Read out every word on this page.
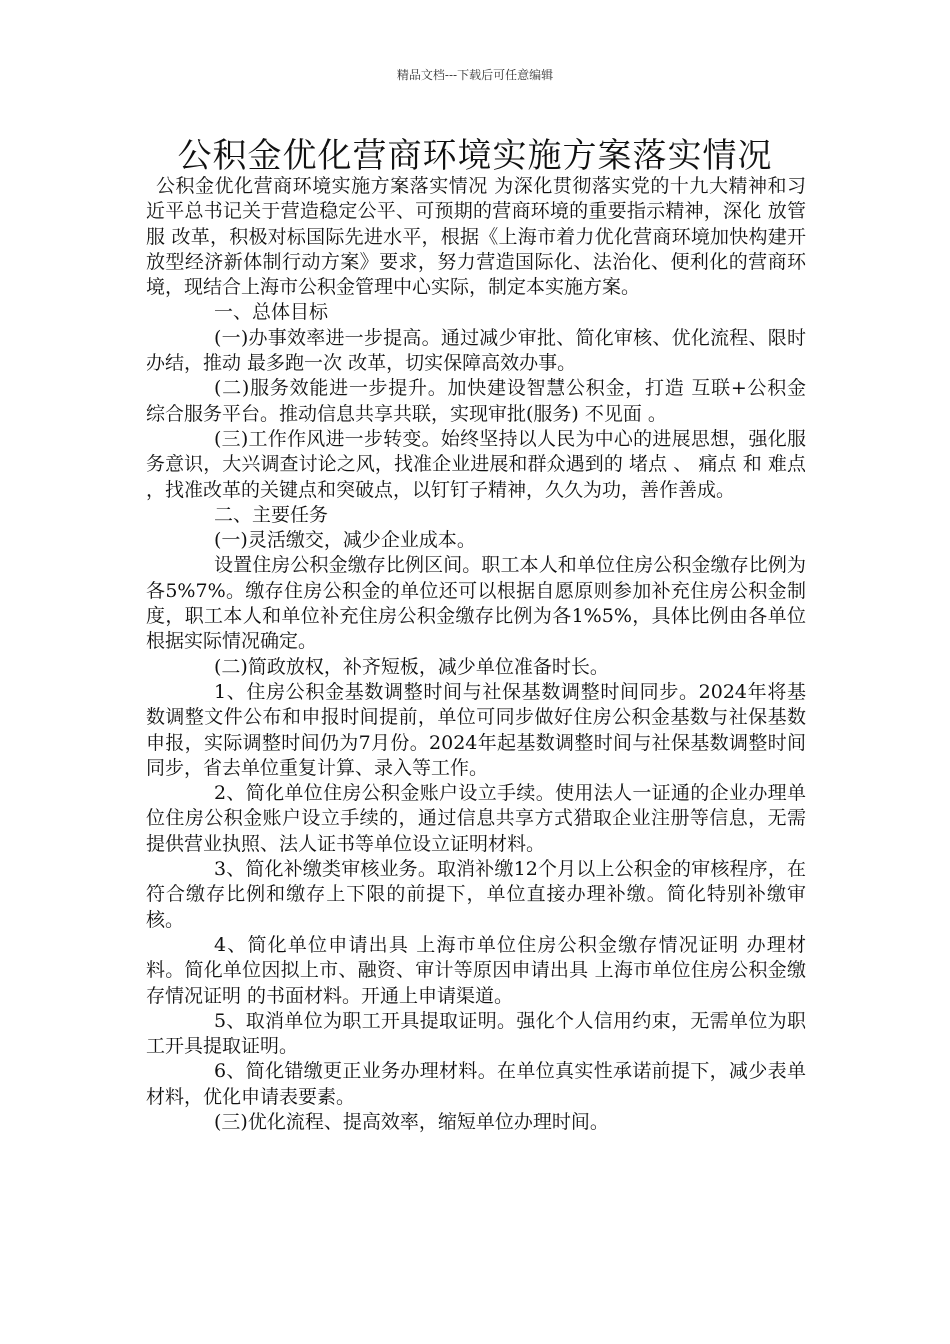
精品文档---下载后可任意编辑
公积金优化营商环境实施方案落实情况

公积金优化营商环境实施方案落实情况 为深化贯彻落实党的十九大精神和习近平总书记关于营造稳定公平、可预期的营商环境的重要指示精神，深化 放管服 改革，积极对标国际先进水平，根据《上海市着力优化营商环境加快构建开放型经济新体制行动方案》要求，努力营造国际化、法治化、便利化的营商环境，现结合上海市公积金管理中心实际，制定本实施方案。

一、总体目标

(一)办事效率进一步提高。通过减少审批、简化审核、优化流程、限时办结，推动 最多跑一次 改革，切实保障高效办事。

(二)服务效能进一步提升。加快建设智慧公积金，打造 互联+公积金 综合服务平台。推动信息共享共联，实现审批(服务) 不见面 。

(三)工作作风进一步转变。始终坚持以人民为中心的进展思想，强化服务意识，大兴调查讨论之风，找准企业进展和群众遇到的 堵点 、 痛点 和 难点 ，找准改革的关键点和突破点，以钉钉子精神，久久为功，善作善成。

二、主要任务

(一)灵活缴交，减少企业成本。

设置住房公积金缴存比例区间。职工本人和单位住房公积金缴存比例为各5%7%。缴存住房公积金的单位还可以根据自愿原则参加补充住房公积金制度，职工本人和单位补充住房公积金缴存比例为各1%5%，具体比例由各单位根据实际情况确定。

(二)简政放权，补齐短板，减少单位准备时长。

1、住房公积金基数调整时间与社保基数调整时间同步。2024年将基数调整文件公布和申报时间提前，单位可同步做好住房公积金基数与社保基数申报，实际调整时间仍为7月份。2024年起基数调整时间与社保基数调整时间同步，省去单位重复计算、录入等工作。

2、简化单位住房公积金账户设立手续。使用法人一证通的企业办理单位住房公积金账户设立手续的，通过信息共享方式猎取企业注册等信息，无需提供营业执照、法人证书等单位设立证明材料。

3、简化补缴类审核业务。取消补缴12个月以上公积金的审核程序，在符合缴存比例和缴存上下限的前提下，单位直接办理补缴。简化特别补缴审核。

4、简化单位申请出具 上海市单位住房公积金缴存情况证明 办理材料。简化单位因拟上市、融资、审计等原因申请出具 上海市单位住房公积金缴存情况证明 的书面材料。开通上申请渠道。

5、取消单位为职工开具提取证明。强化个人信用约束，无需单位为职工开具提取证明。

6、简化错缴更正业务办理材料。在单位真实性承诺前提下，减少表单材料，优化申请表要素。

(三)优化流程、提高效率，缩短单位办理时间。
